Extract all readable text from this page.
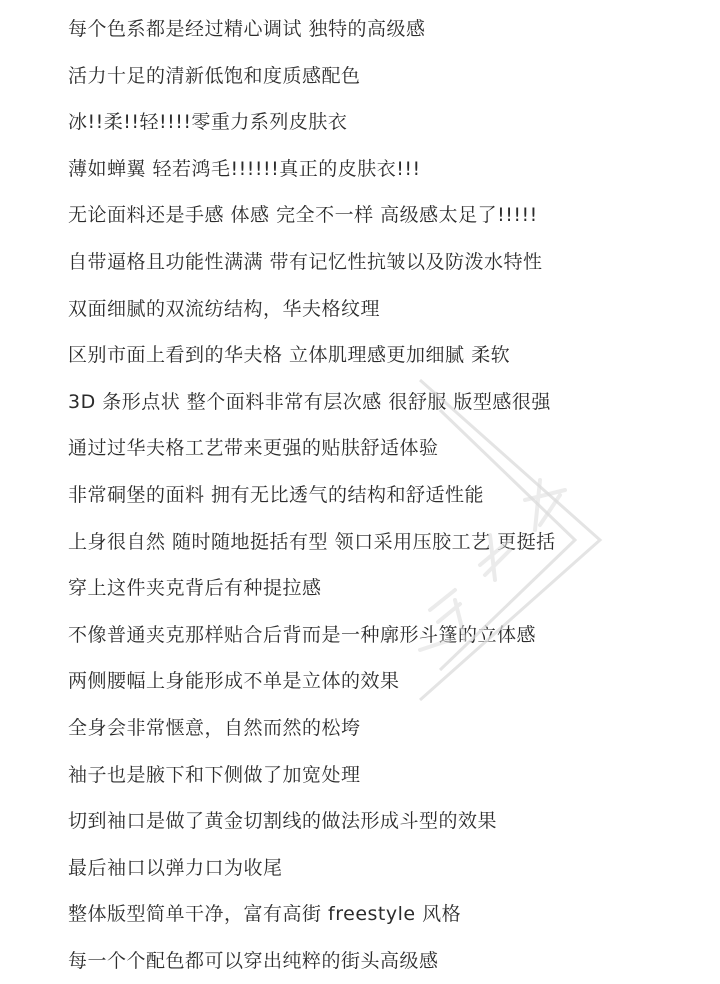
每个色系都是经过精心调试 独特的高级感
活力十足的清新低饱和度质感配色
冰!!柔!!轻!!!!零重力系列皮肤衣
薄如蝉翼 轻若鸿毛!!!!!!真正的皮肤衣!!!
无论面料还是手感 体感 完全不一样 高级感太足了!!!!!
自带逼格且功能性满满 带有记忆性抗皱以及防泼水特性
双面细腻的双流纺结构，华夫格纹理
区别市面上看到的华夫格 立体肌理感更加细腻 柔软
3D 条形点状 整个面料非常有层次感 很舒服 版型感很强
通过过华夫格工艺带来更强的贴肤舒适体验
非常硐堡的面料 拥有无比透气的结构和舒适性能
上身很自然 随时随地挺括有型 领口采用压胶工艺 更挺括
穿上这件夹克背后有种提拉感
不像普通夹克那样贴合后背而是一种廓形斗篷的立体感
两侧腰幅上身能形成不单是立体的效果
全身会非常惬意，自然而然的松垮
袖子也是腋下和下侧做了加宽处理
切到袖口是做了黄金切割线的做法形成斗型的效果
最后袖口以弹力口为收尾
整体版型简单干净，富有高街 freestyle 风格
每一个个配色都可以穿出纯粹的街头高级感
